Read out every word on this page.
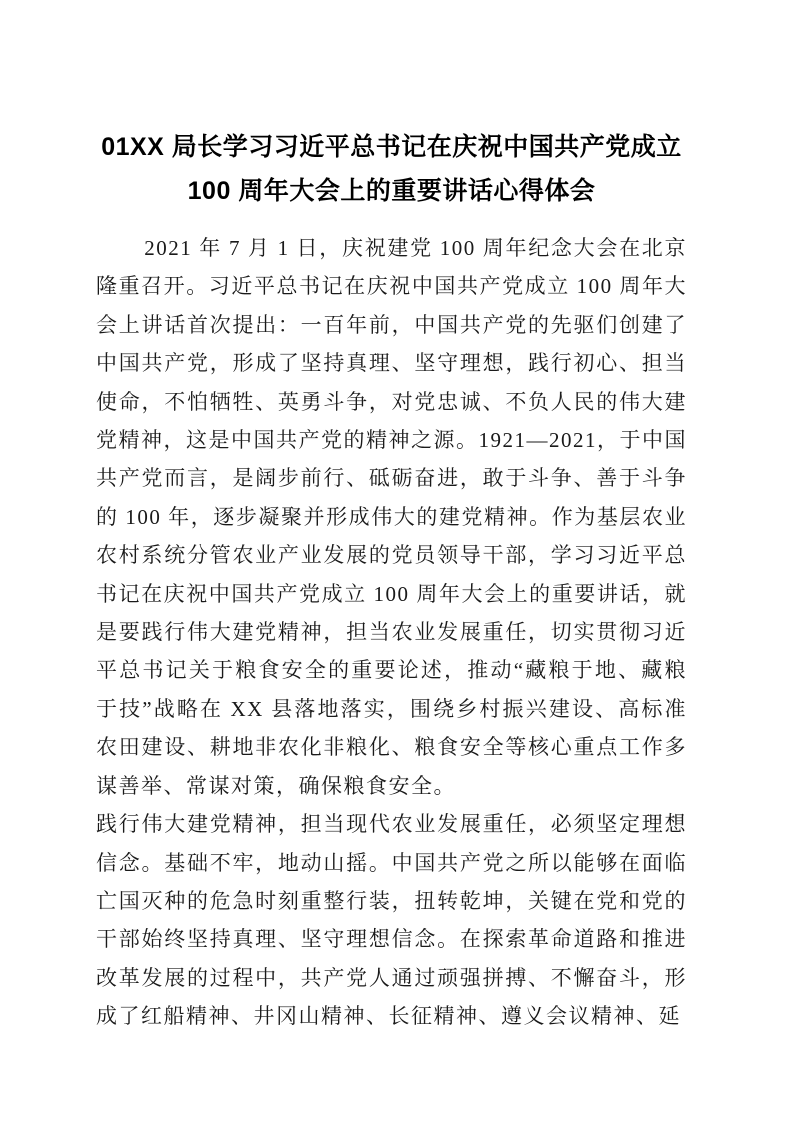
01XX 局长学习习近平总书记在庆祝中国共产党成立 100 周年大会上的重要讲话心得体会

2021 年 7 月 1 日，庆祝建党 100 周年纪念大会在北京隆重召开。习近平总书记在庆祝中国共产党成立 100 周年大会上讲话首次提出：一百年前，中国共产党的先驱们创建了中国共产党，形成了坚持真理、坚守理想，践行初心、担当使命，不怕牺牲、英勇斗争，对党忠诚、不负人民的伟大建党精神，这是中国共产党的精神之源。1921—2021，于中国共产党而言，是阔步前行、砥砺奋进，敢于斗争、善于斗争的 100 年，逐步凝聚并形成伟大的建党精神。作为基层农业农村系统分管农业产业发展的党员领导干部，学习习近平总书记在庆祝中国共产党成立 100 周年大会上的重要讲话，就是要践行伟大建党精神，担当农业发展重任，切实贯彻习近平总书记关于粮食安全的重要论述，推动“藏粮于地、藏粮于技”战略在 XX 县落地落实，围绕乡村振兴建设、高标准农田建设、耕地非农化非粮化、粮食安全等核心重点工作多谋善举、常谋对策，确保粮食安全。

践行伟大建党精神，担当现代农业发展重任，必须坚定理想信念。基础不牢，地动山摇。中国共产党之所以能够在面临亡国灭种的危急时刻重整行装，扭转乾坤，关键在党和党的干部始终坚持真理、坚守理想信念。在探索革命道路和推进改革发展的过程中，共产党人通过顽强拼搏、不懈奋斗，形成了红船精神、井冈山精神、长征精神、遵义会议精神、延
